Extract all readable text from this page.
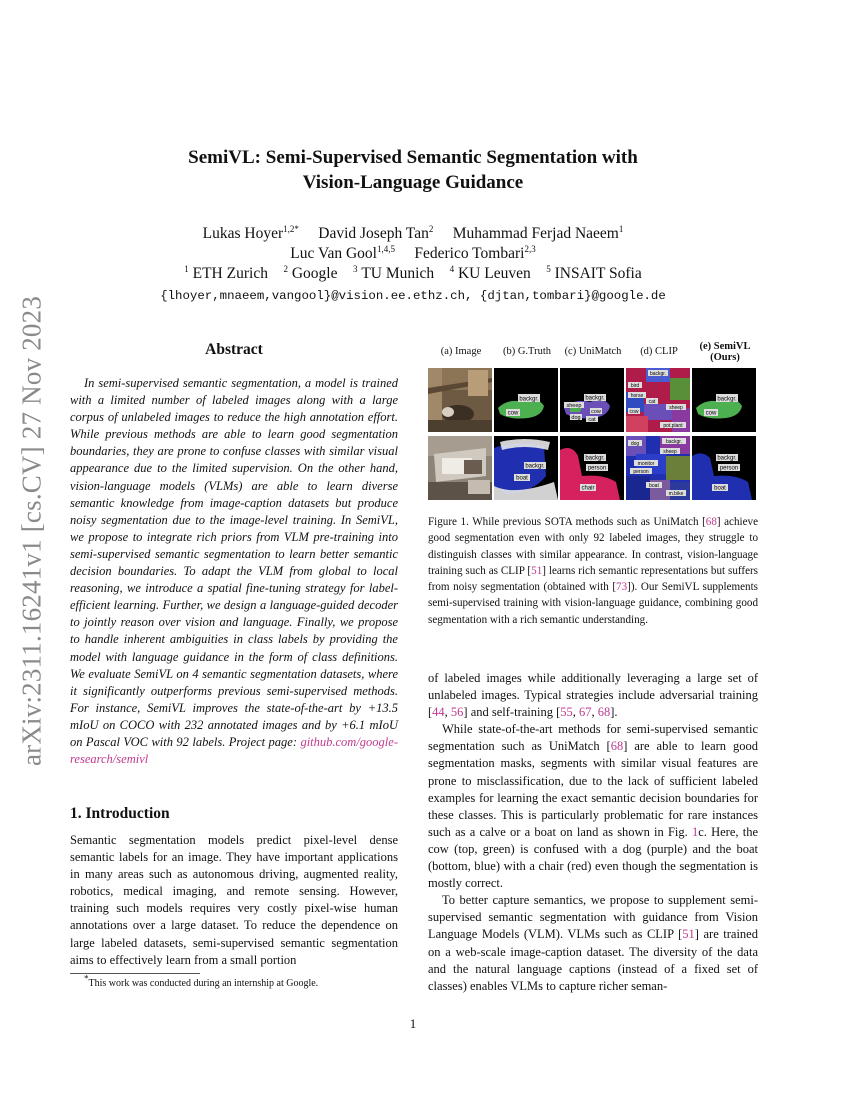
arXiv:2311.16241v1 [cs.CV] 27 Nov 2023
SemiVL: Semi-Supervised Semantic Segmentation with
Vision-Language Guidance
Lukas Hoyer$^{1,2*}$ David Joseph Tan$^2$ Muhammad Ferjad Naeem$^1$
Luc Van Gool$^{1,4,5}$ Federico Tombari$^{2,3}$
$^1$ ETH Zurich $^2$ Google $^3$ TU Munich $^4$ KU Leuven $^5$ INSAIT Sofia
{lhoyer,mnaeem,vangool}@vision.ee.ethz.ch, {djtan,tombari}@google.de
Abstract
In semi-supervised semantic segmentation, a model is trained with a limited number of labeled images along with a large corpus of unlabeled images to reduce the high annotation effort. While previous methods are able to learn good segmentation boundaries, they are prone to confuse classes with similar visual appearance due to the limited supervision. On the other hand, vision-language models (VLMs) are able to learn diverse semantic knowledge from image-caption datasets but produce noisy segmentation due to the image-level training. In SemiVL, we propose to integrate rich priors from VLM pre-training into semi-supervised semantic segmentation to learn better semantic decision boundaries. To adapt the VLM from global to local reasoning, we introduce a spatial fine-tuning strategy for label-efficient learning. Further, we design a language-guided decoder to jointly reason over vision and language. Finally, we propose to handle inherent ambiguities in class labels by providing the model with language guidance in the form of class definitions. We evaluate SemiVL on 4 semantic segmentation datasets, where it significantly outperforms previous semi-supervised methods. For instance, SemiVL improves the state-of-the-art by +13.5 mIoU on COCO with 232 annotated images and by +6.1 mIoU on Pascal VOC with 92 labels. Project page: github.com/google-research/semivl
1. Introduction
Semantic segmentation models predict pixel-level dense semantic labels for an image. They have important applications in many areas such as autonomous driving, augmented reality, robotics, medical imaging, and remote sensing. However, training such models requires very costly pixel-wise human annotations over a large dataset. To reduce the dependence on large labeled datasets, semi-supervised semantic segmentation aims to effectively learn from a small portion
*This work was conducted during an internship at Google.
(a) Image	(b) G.Truth	(c) UniMatch	(d) CLIP	(e) SemiVL (Ours)
backgr.
cow
backgr.
sheep
cow
dog cat
backgr.
bird
horse
cow
cat
sheep
pot.plant
backgr.
cow
backgr.
boat
backgr.
person
chair
dog	backgr.
sheep
monitor
person
boat
m.bike
backgr.
person
boat
Figure 1. While previous SOTA methods such as UniMatch [68] achieve good segmentation even with only 92 labeled images, they struggle to distinguish classes with similar appearance. In contrast, vision-language training such as CLIP [51] learns rich semantic representations but suffers from noisy segmentation (obtained with [73]). Our SemiVL supplements semi-supervised training with vision-language guidance, combining good segmentation with a rich semantic understanding.

of labeled images while additionally leveraging a large set of unlabeled images. Typical strategies include adversarial training [44, 56] and self-training [55, 67, 68].

While state-of-the-art methods for semi-supervised semantic segmentation such as UniMatch [68] are able to learn good segmentation masks, segments with similar visual features are prone to misclassification, due to the lack of sufficient labeled examples for learning the exact semantic decision boundaries for these classes. This is particularly problematic for rare instances such as a calve or a boat on land as shown in Fig. 1c. Here, the cow (top, green) is confused with a dog (purple) and the boat (bottom, blue) with a chair (red) even though the segmentation is mostly correct.

To better capture semantics, we propose to supplement semi-supervised semantic segmentation with guidance from Vision Language Models (VLM). VLMs such as CLIP [51] are trained on a web-scale image-caption dataset. The diversity of the data and the natural language captions (instead of a fixed set of classes) enables VLMs to capture richer seman-

1
